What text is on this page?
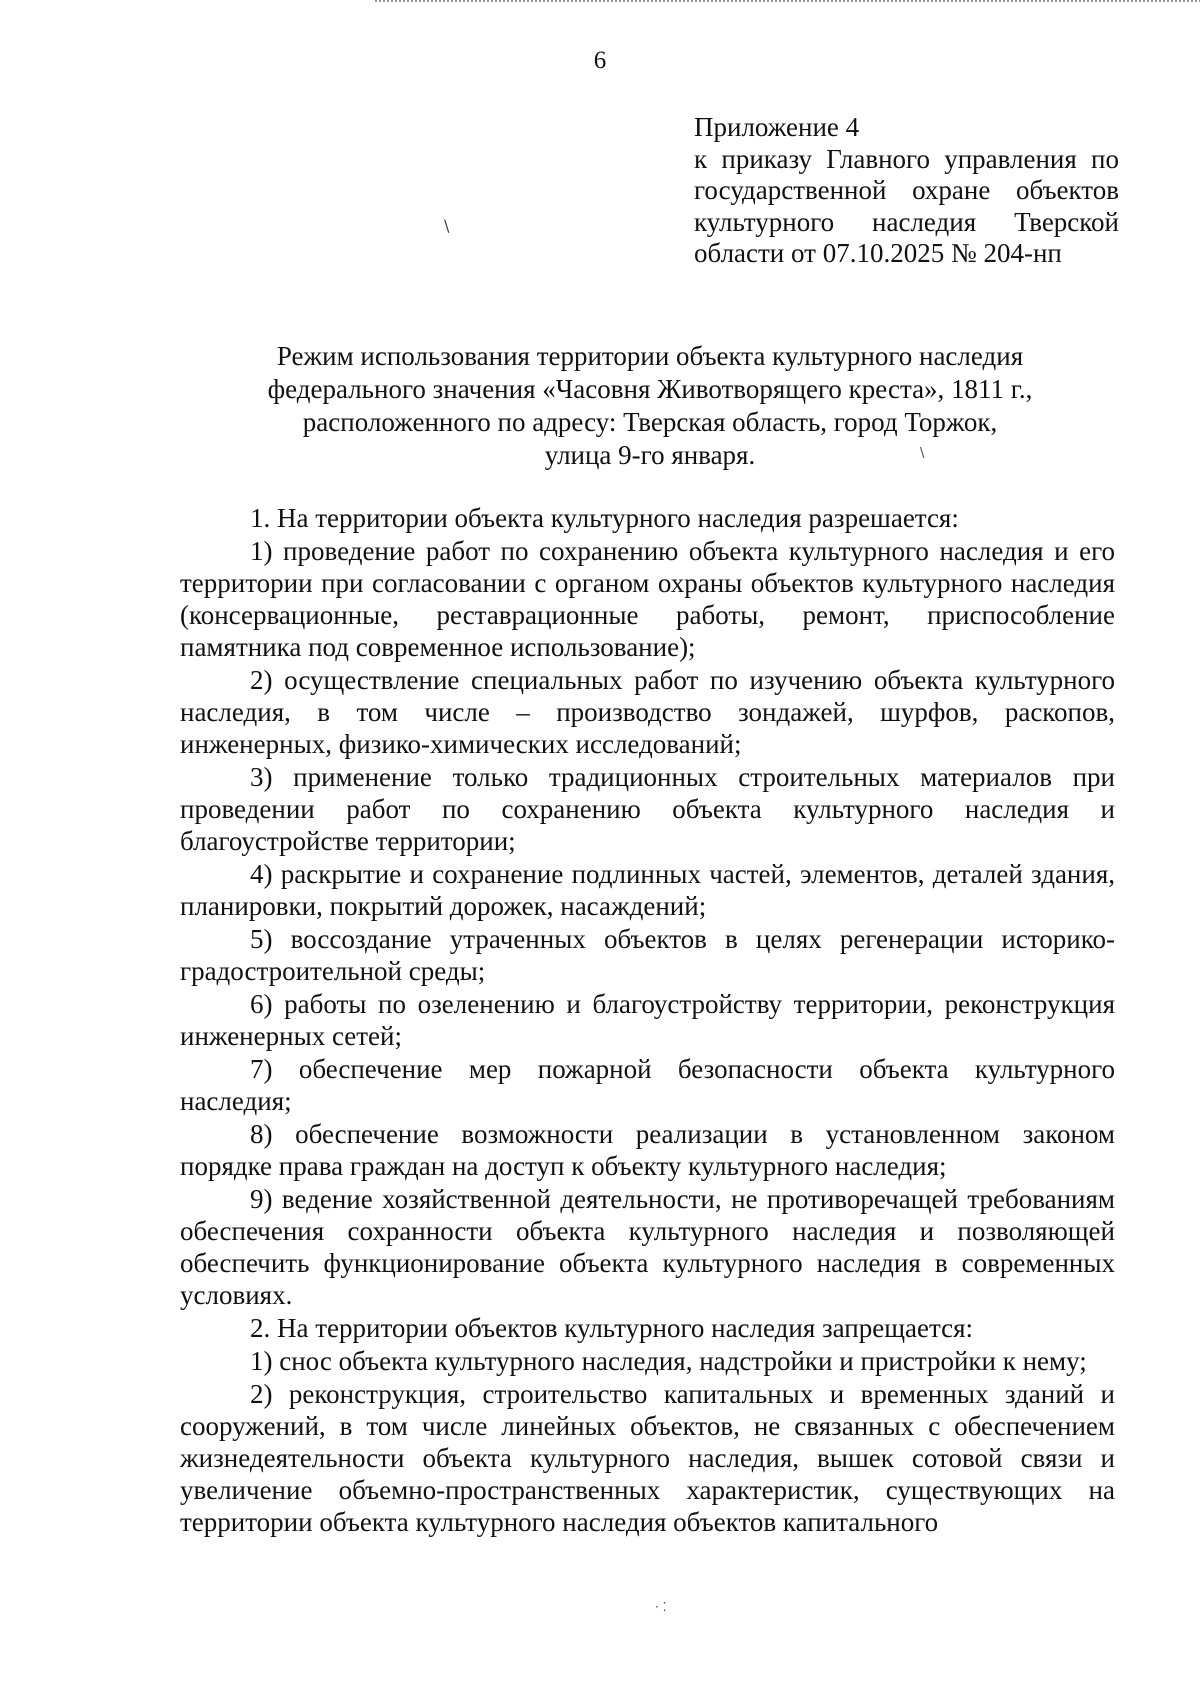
6
Приложение 4
к приказу Главного управления по
государственной охране объектов
культурного наследия Тверской
области от 07.10.2025 № 204-нп
\
\
Режим использования территории объекта культурного наследия
федерального значения «Часовня Животворящего креста», 1811 г.,
расположенного по адресу: Тверская область, город Торжок,
улица 9-го января.

1. На территории объекта культурного наследия разрешается:

1) проведение работ по сохранению объекта культурного наследия и его территории при согласовании с органом охраны объектов культурного наследия (консервационные, реставрационные работы, ремонт, приспособление памятника под современное использование);

2) осуществление специальных работ по изучению объекта культурного наследия, в том числе – производство зондажей, шурфов, раскопов, инженерных, физико-химических исследований;

3) применение только традиционных строительных материалов при проведении работ по сохранению объекта культурного наследия и благоустройстве территории;

4) раскрытие и сохранение подлинных частей, элементов, деталей здания, планировки, покрытий дорожек, насаждений;

5) воссоздание утраченных объектов в целях регенерации историко-градостроительной среды;

6) работы по озеленению и благоустройству территории, реконструкция инженерных сетей;

7) обеспечение мер пожарной безопасности объекта культурного наследия;

8) обеспечение возможности реализации в установленном законом порядке права граждан на доступ к объекту культурного наследия;

9) ведение хозяйственной деятельности, не противоречащей требованиям обеспечения сохранности объекта культурного наследия и позволяющей обеспечить функционирование объекта культурного наследия в современных условиях.

2. На территории объектов культурного наследия запрещается:

1) снос объекта культурного наследия, надстройки и пристройки к нему;

2) реконструкция, строительство капитальных и временных зданий и сооружений, в том числе линейных объектов, не связанных с обеспечением жизнедеятельности объекта культурного наследия, вышек сотовой связи и увеличение объемно-пространственных характеристик, существующих на территории объекта культурного наследия объектов капитального

· ⁚
